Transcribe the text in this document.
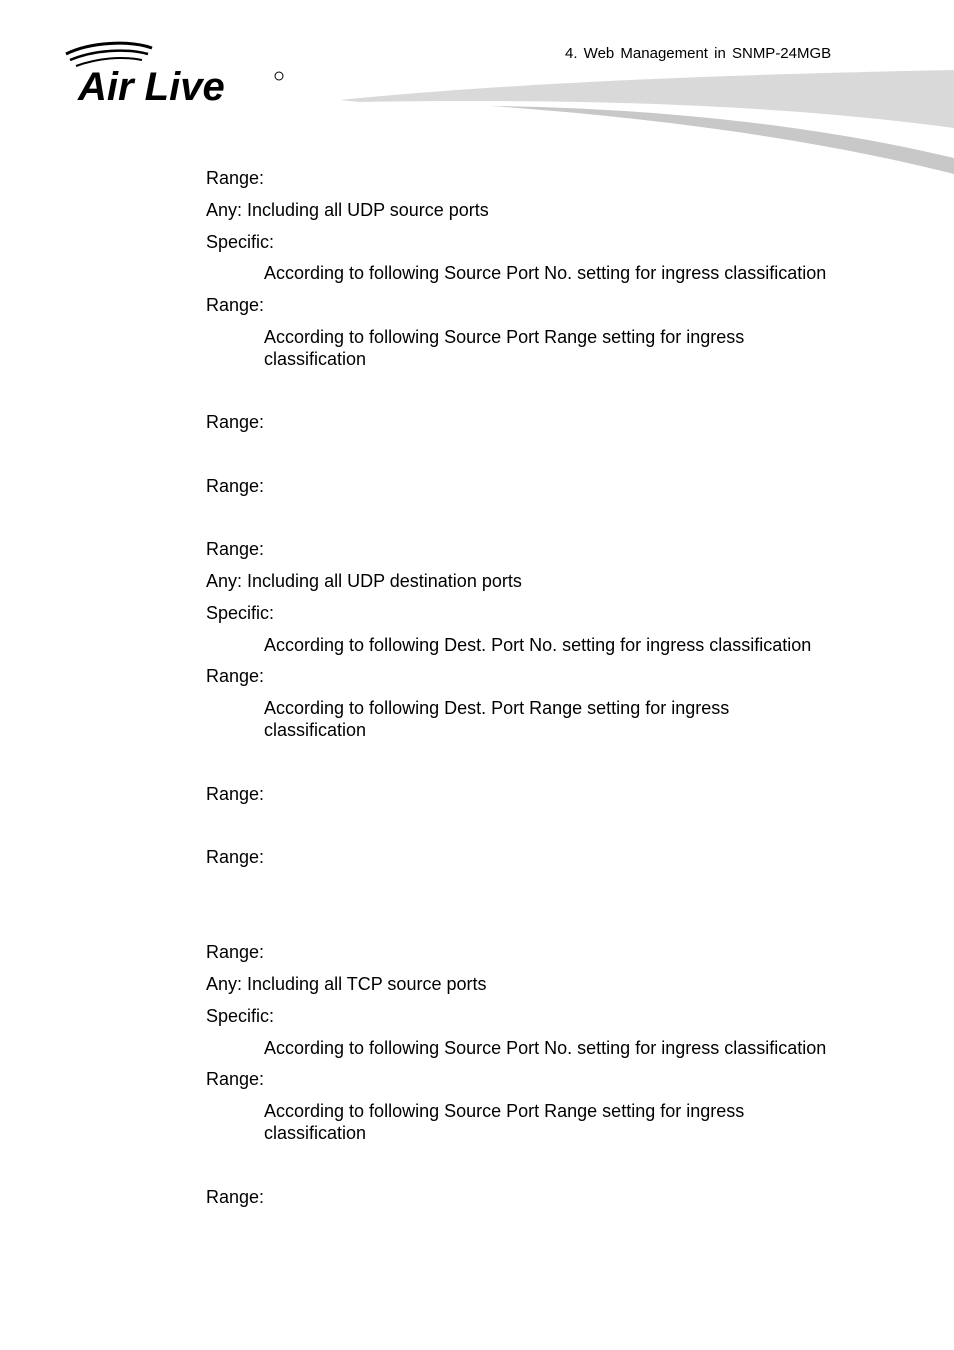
Air Live
4. Web Management in SNMP-24MGB
Range:
Any: Including all UDP source ports
Specific:
According to following Source Port No. setting for ingress classification
Range:
According to following Source Port Range setting for ingress
classification
Range:
Range:
Range:
Any: Including all UDP destination ports
Specific:
According to following Dest. Port No. setting for ingress classification
Range:
According to following Dest. Port Range setting for ingress
classification
Range:
Range:
Range:
Any: Including all TCP source ports
Specific:
According to following Source Port No. setting for ingress classification
Range:
According to following Source Port Range setting for ingress
classification
Range:
